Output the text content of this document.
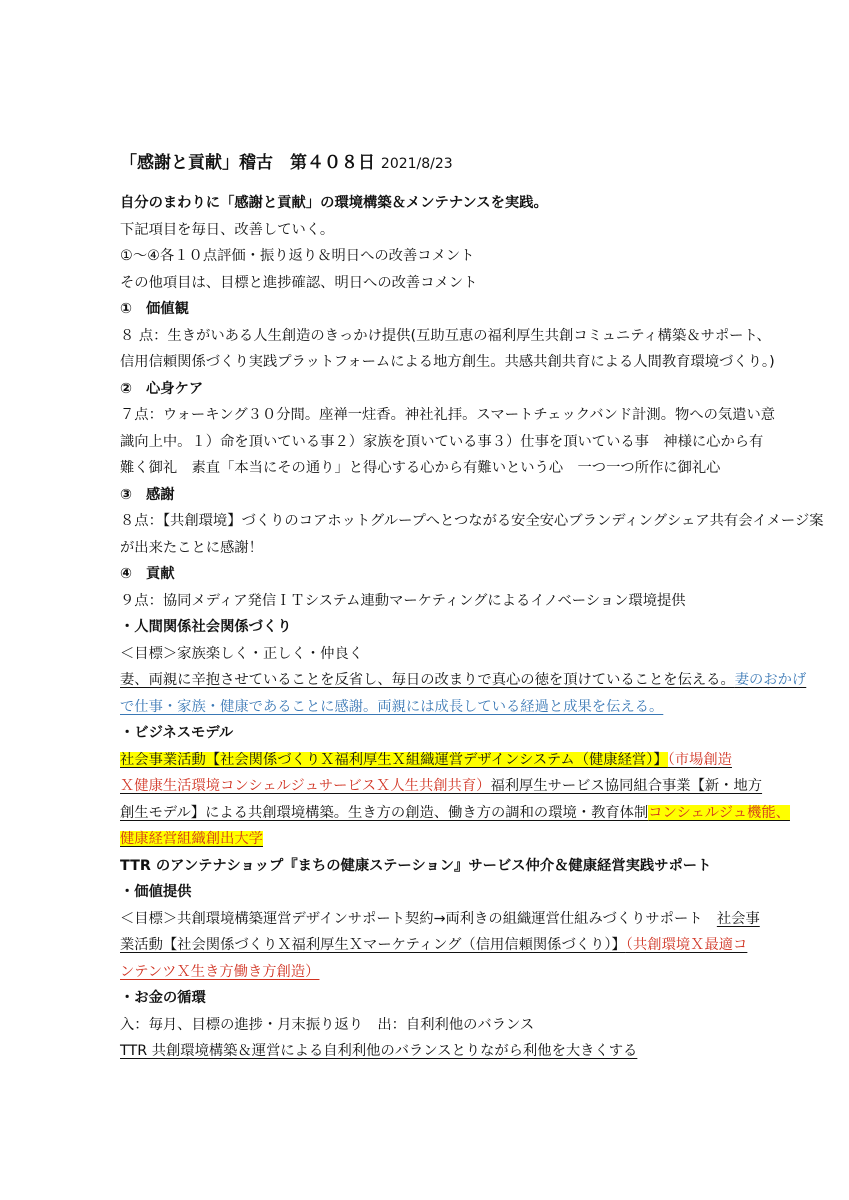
「感謝と貢献」稽古　第４０８日 2021/8/23
自分のまわりに「感謝と貢献」の環境構築＆メンテナンスを実践。
下記項目を毎日、改善していく。
①～④各１０点評価・振り返り＆明日への改善コメント
その他項目は、目標と進捗確認、明日への改善コメント
① 価値観
８ 点：生きがいある人生創造のきっかけ提供(互助互恵の福利厚生共創コミュニティ構築＆サポート、
信用信頼関係づくり実践プラットフォームによる地方創生。共感共創共育による人間教育環境づくり。)
② 心身ケア
７点：ウォーキング３０分間。座禅一炷香。神社礼拝。スマートチェックバンド計測。物への気遣い意
識向上中。１）命を頂いている事２）家族を頂いている事３）仕事を頂いている事　神様に心から有
難く御礼　素直「本当にその通り」と得心する心から有難いという心　一つ一つ所作に御礼心
③ 感謝
８点：【共創環境】づくりのコアホットグループへとつながる安全安心ブランディングシェア共有会イメージ案
が出来たことに感謝！
④ 貢献
９点：協同メディア発信ＩＴシステム連動マーケティングによるイノベーション環境提供
・人間関係社会関係づくり
＜目標＞家族楽しく・正しく・仲良く
妻、両親に辛抱させていることを反省し、毎日の改まりで真心の徳を頂けていることを伝える。妻のおかげ
で仕事・家族・健康であることに感謝。両親には成長している経過と成果を伝える。
・ビジネスモデル
社会事業活動【社会関係づくりＸ福利厚生Ｘ組織運営デザインシステム（健康経営）】（市場創造
Ｘ健康生活環境コンシェルジュサービスＸ人生共創共育）福利厚生サービス協同組合事業【新・地方
創生モデル】による共創環境構築。生き方の創造、働き方の調和の環境・教育体制コンシェルジュ機能、
健康経営組織創出大学
TTR のアンテナショップ『まちの健康ステーション』サービス仲介＆健康経営実践サポート
・価値提供
＜目標＞共創環境構築運営デザインサポート契約→両利きの組織運営仕組みづくりサポート　社会事
業活動【社会関係づくりＸ福利厚生Ｘマーケティング（信用信頼関係づくり）】（共創環境Ｘ最適コ
ンテンツＸ生き方働き方創造）
・お金の循環
入：毎月、目標の進捗・月末振り返り　出：自利利他のバランス
TTR 共創環境構築＆運営による自利利他のバランスとりながら利他を大きくする
